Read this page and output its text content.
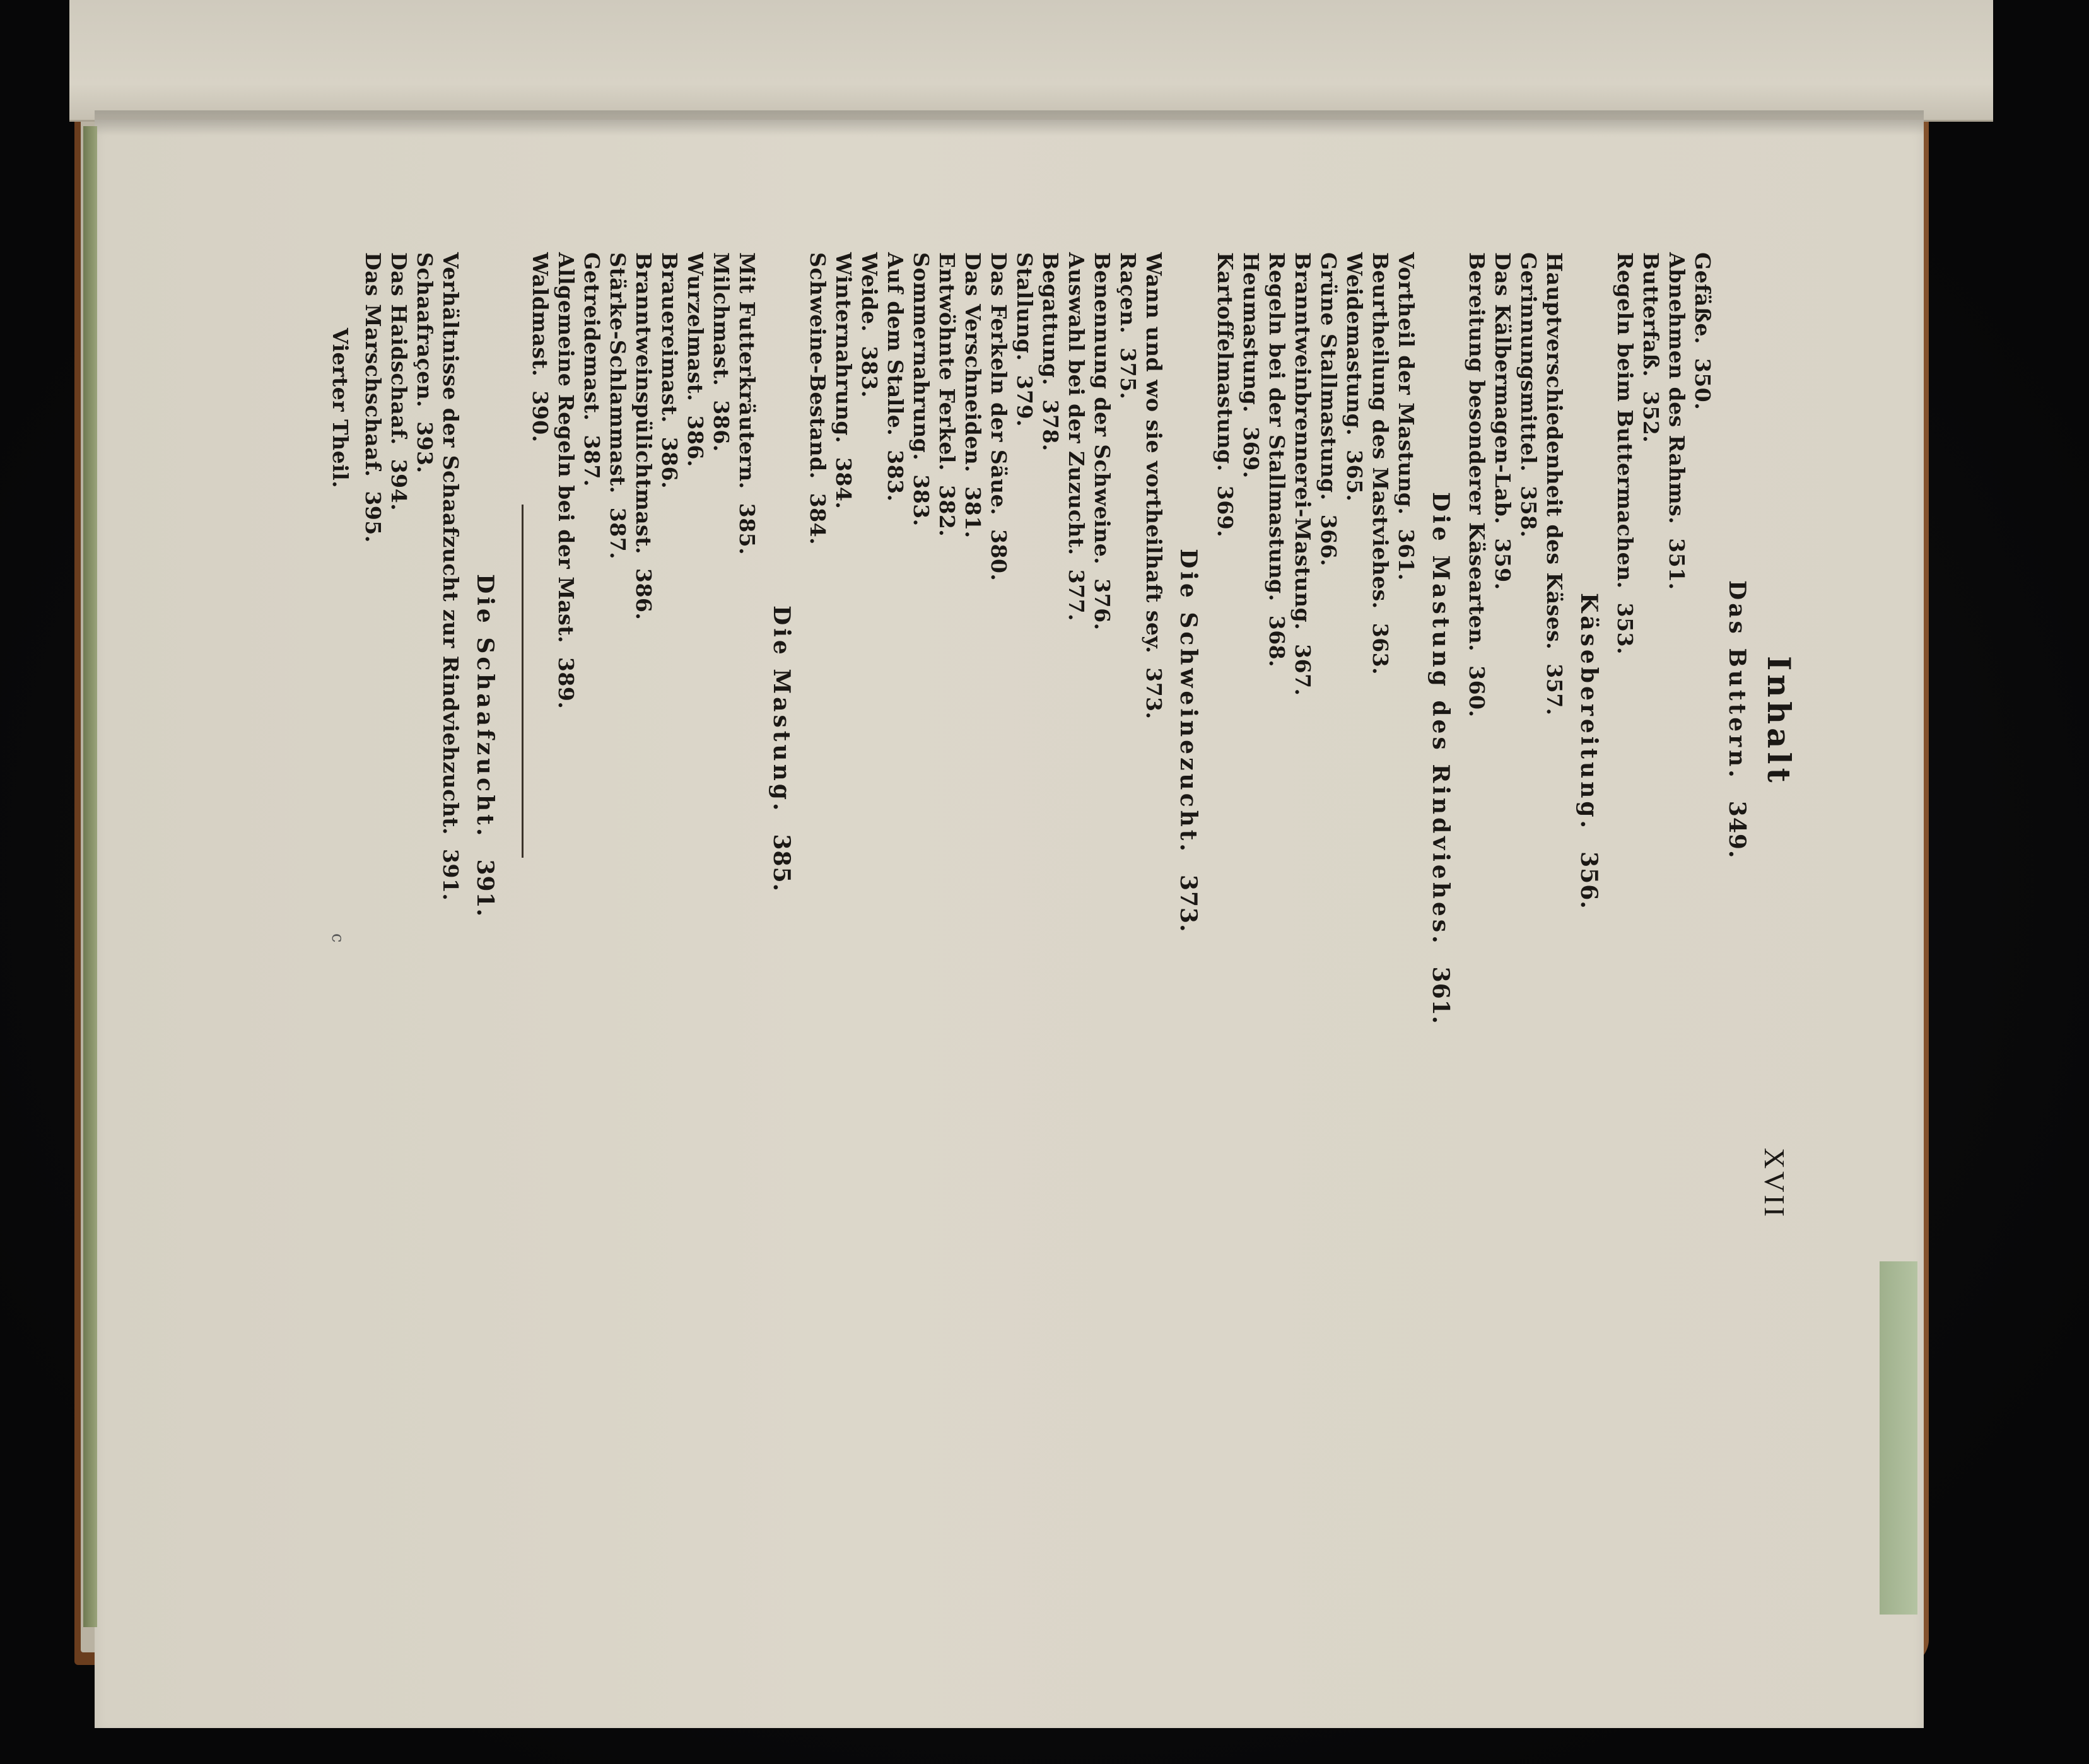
XVII
Inhalt
Das Buttern.349.
Gefäße.350.
Abnehmen des Rahms.351.
Butterfaß.352.
Regeln beim Buttermachen.353.
Käsebereitung.356.
Hauptverschiedenheit des Käses.357.
Gerinnungsmittel.358.
Das Kälbermagen-Lab.359.
Bereitung besonderer Käsearten.360.
Die Mastung des Rindviehes.361.
Vortheil der Mastung.361.
Beurtheilung des Mastviehes.363.
Weidemastung.365.
Grüne Stallmastung.366.
Branntweinbrennerei-Mastung.367.
Regeln bei der Stallmastung.368.
Heumastung.369.
Kartoffelmastung.369.
Die Schweinezucht.373.
Wann und wo sie vortheilhaft sey.373.
Raçen.375.
Benennung der Schweine.376.
Auswahl bei der Zuzucht.377.
Begattung.378.
Stallung.379.
Das Ferkeln der Säue.380.
Das Verschneiden.381.
Entwöhnte Ferkel.382.
Sommernahrung.383.
Auf dem Stalle.383.
Weide.383.
Winternahrung.384.
Schweine-Bestand.384.
Die Mastung.385.
Mit Futterkräutern.385.
Milchmast.386.
Wurzelmast.386.
Brauereimast.386.
Branntweinspülichtmast.386.
Stärke-Schlammast.387.
Getreidemast.387.
Allgemeine Regeln bei der Mast.389.
Waldmast.390.
Die Schaafzucht.391.
Verhältnisse der Schaafzucht zur Rindviehzucht.391.
Schaafraçen.393.
Das Haidschaaf.394.
Das Marschschaaf.395.
Vierter Theil.
c
